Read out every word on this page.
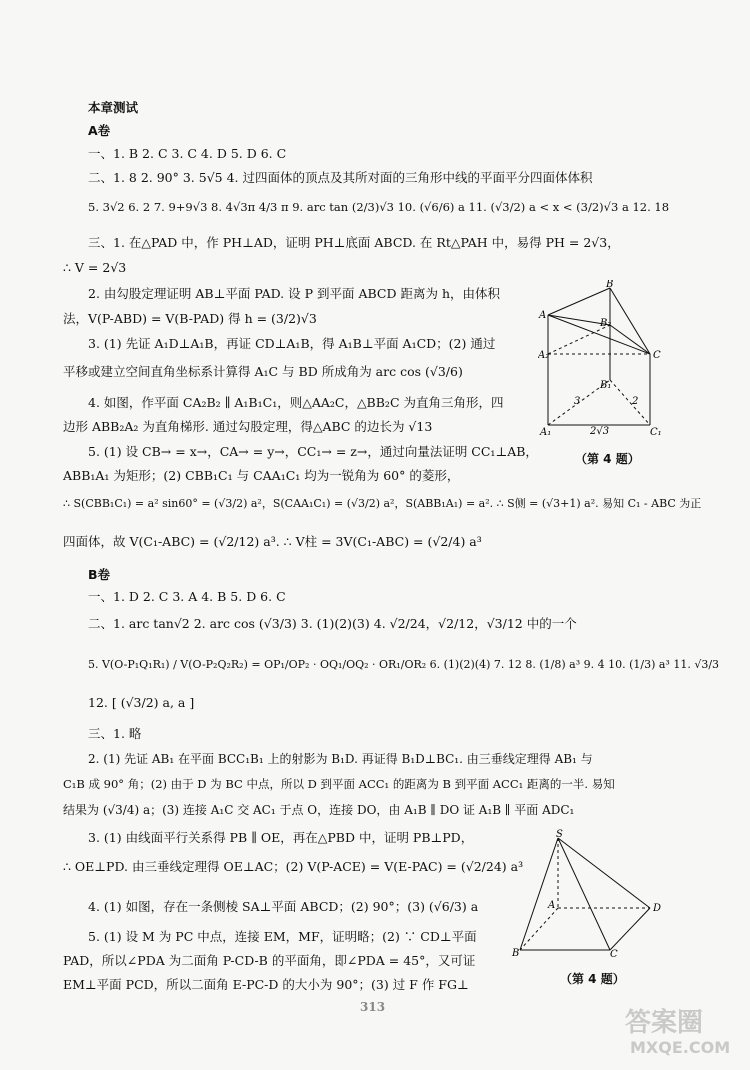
本章测试
A卷
一、1. B 2. C 3. C 4. D 5. D 6. C
二、1. 8 2. 90° 3. 5√5 4. 过四面体的顶点及其所对面的三角形中线的平面平分四面体体积
5. 3√2 6. 2 7. 9+9√3 8. 4√3π 4/3 π 9. arc tan (2/3)√3 10. (√6/6) a 11. (√3/2) a < x < (3/2)√3 a 12. 18
三、1. 在△PAD 中，作 PH⊥AD，证明 PH⊥底面 ABCD. 在 Rt△PAH 中，易得 PH = 2√3，
∴ V = 2√3
2. 由勾股定理证明 AB⊥平面 PAD. 设 P 到平面 ABCD 距离为 h，由体积
法，V(P-ABD) = V(B-PAD) 得 h = (3/2)√3
3. (1) 先证 A₁D⊥A₁B，再证 CD⊥A₁B，得 A₁B⊥平面 A₁CD；(2) 通过
平移或建立空间直角坐标系计算得 A₁C 与 BD 所成角为 arc cos (√3/6)
4. 如图，作平面 CA₂B₂ ∥ A₁B₁C₁，则△AA₂C，△BB₂C 为直角三角形，四
边形 ABB₂A₂ 为直角梯形. 通过勾股定理，得△ABC 的边长为 √13
5. (1) 设 CB→ = x→，CA→ = y→，CC₁→ = z→，通过向量法证明 CC₁⊥AB，
ABB₁A₁ 为矩形；(2) CBB₁C₁ 与 CAA₁C₁ 均为一锐角为 60° 的菱形，
∴ S(CBB₁C₁) = a² sin60° = (√3/2) a²，S(CAA₁C₁) = (√3/2) a²，S(ABB₁A₁) = a². ∴ S侧 = (√3+1) a². 易知 C₁ - ABC 为正
四面体，故 V(C₁-ABC) = (√2/12) a³. ∴ V柱 = 3V(C₁-ABC) = (√2/4) a³
B卷
一、1. D 2. C 3. A 4. B 5. D 6. C
二、1. arc tan√2 2. arc cos (√3/3) 3. (1)(2)(3) 4. √2/24，√2/12，√3/12 中的一个
5. V(O-P₁Q₁R₁) / V(O-P₂Q₂R₂) = OP₁/OP₂ · OQ₁/OQ₂ · OR₁/OR₂ 6. (1)(2)(4) 7. 12 8. (1/8) a³ 9. 4 10. (1/3) a³ 11. √3/3
12. [ (√3/2) a, a ]
三、1. 略
2. (1) 先证 AB₁ 在平面 BCC₁B₁ 上的射影为 B₁D. 再证得 B₁D⊥BC₁. 由三垂线定理得 AB₁ 与
C₁B 成 90° 角；(2) 由于 D 为 BC 中点，所以 D 到平面 ACC₁ 的距离为 B 到平面 ACC₁ 距离的一半. 易知
结果为 (√3/4) a；(3) 连接 A₁C 交 AC₁ 于点 O，连接 DO，由 A₁B ∥ DO 证 A₁B ∥ 平面 ADC₁
3. (1) 由线面平行关系得 PB ∥ OE，再在△PBD 中，证明 PB⊥PD，
∴ OE⊥PD. 由三垂线定理得 OE⊥AC；(2) V(P-ACE) = V(E-PAC) = (√2/24) a³
4. (1) 如图，存在一条侧棱 SA⊥平面 ABCD；(2) 90°；(3) (√6/3) a
5. (1) 设 M 为 PC 中点，连接 EM，MF，证明略；(2) ∵ CD⊥平面
PAD，所以∠PDA 为二面角 P-CD-B 的平面角，即∠PDA = 45°，又可证
EM⊥平面 PCD，所以二面角 E-PC-D 的大小为 90°；(3) 过 F 作 FG⊥
B
A
B₂
A₂	C
B₁
A₁	C₁
3	2
2√3
（第 4 题）
S
A
B	C
D
（第 4 题）
313
答案圈
MXQE.COM
